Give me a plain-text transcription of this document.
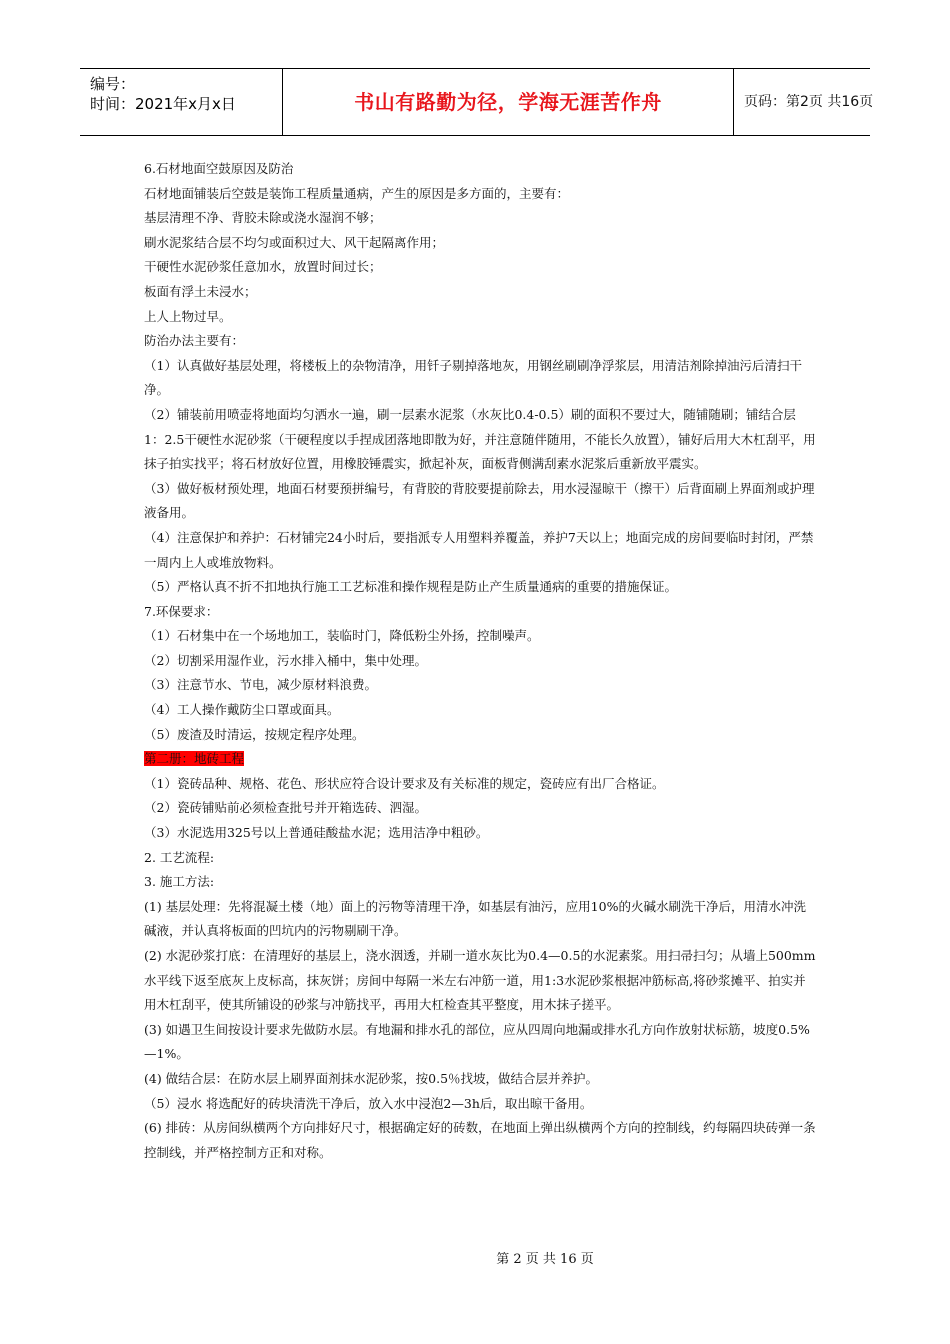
编号：
时间：2021年x月x日	书山有路勤为径，学海无涯苦作舟	页码：第2页 共16页

6.石材地面空鼓原因及防治

石材地面铺装后空鼓是装饰工程质量通病，产生的原因是多方面的，主要有：

基层清理不净、背胶未除或浇水湿润不够；

刷水泥浆结合层不均匀或面积过大、风干起隔离作用；

干硬性水泥砂浆任意加水，放置时间过长；

板面有浮土未浸水；

上人上物过早。

防治办法主要有：

（1）认真做好基层处理，将楼板上的杂物清净，用钎子剔掉落地灰，用钢丝刷刷净浮浆层，用清洁剂除掉油污后清扫干净。

（2）铺装前用喷壶将地面均匀洒水一遍，刷一层素水泥浆（水灰比0.4-0.5）刷的面积不要过大，随铺随刷；铺结合层1：2.5干硬性水泥砂浆（干硬程度以手捏成团落地即散为好，并注意随伴随用，不能长久放置），铺好后用大木杠刮平，用抹子拍实找平；将石材放好位置，用橡胶锤震实，掀起补灰，面板背侧满刮素水泥浆后重新放平震实。

（3）做好板材预处理，地面石材要预拼编号，有背胶的背胶要提前除去，用水浸湿晾干（擦干）后背面刷上界面剂或护理液备用。

（4）注意保护和养护：石材铺完24小时后，要指派专人用塑料养覆盖，养护7天以上；地面完成的房间要临时封闭，严禁一周内上人或堆放物料。

（5）严格认真不折不扣地执行施工工艺标准和操作规程是防止产生质量通病的重要的措施保证。

7.环保要求：

（1）石材集中在一个场地加工，装临时门，降低粉尘外扬，控制噪声。

（2）切割采用湿作业，污水排入桶中，集中处理。

（3）注意节水、节电，减少原材料浪费。

（4）工人操作戴防尘口罩或面具。

（5）废渣及时清运，按规定程序处理。

第二册：地砖工程

（1）瓷砖品种、规格、花色、形状应符合设计要求及有关标准的规定，瓷砖应有出厂合格证。

（2）瓷砖铺贴前必须检查批号并开箱选砖、泗湿。

（3）水泥选用325号以上普通硅酸盐水泥；选用洁净中粗砂。

2. 工艺流程:

3. 施工方法:

(1) 基层处理：先将混凝土楼（地）面上的污物等清理干净，如基层有油污，应用10%的火碱水刷洗干净后，用清水冲洗碱液，并认真将板面的凹坑内的污物剔刷干净。

(2) 水泥砂浆打底：在清理好的基层上，浇水洇透，并刷一道水灰比为0.4—0.5的水泥素浆。用扫帚扫匀；从墙上500mm水平线下返至底灰上皮标高，抹灰饼；房间中每隔一米左右冲筋一道，用1:3水泥砂浆根据冲筋标高,将砂浆摊平、拍实并用木杠刮平，使其所铺设的砂浆与冲筋找平，再用大杠检查其平整度，用木抹子搓平。

(3) 如遇卫生间按设计要求先做防水层。有地漏和排水孔的部位，应从四周向地漏或排水孔方向作放射状标筋，坡度0.5%—1%。

(4) 做结合层：在防水层上刷界面剂抹水泥砂浆，按0.5％找坡，做结合层并养护。

（5）浸水 将选配好的砖块清洗干净后，放入水中浸泡2—3h后，取出晾干备用。

(6) 排砖：从房间纵横两个方向排好尺寸，根据确定好的砖数，在地面上弹出纵横两个方向的控制线，约每隔四块砖弹一条控制线，并严格控制方正和对称。

第 2 页 共 16 页
